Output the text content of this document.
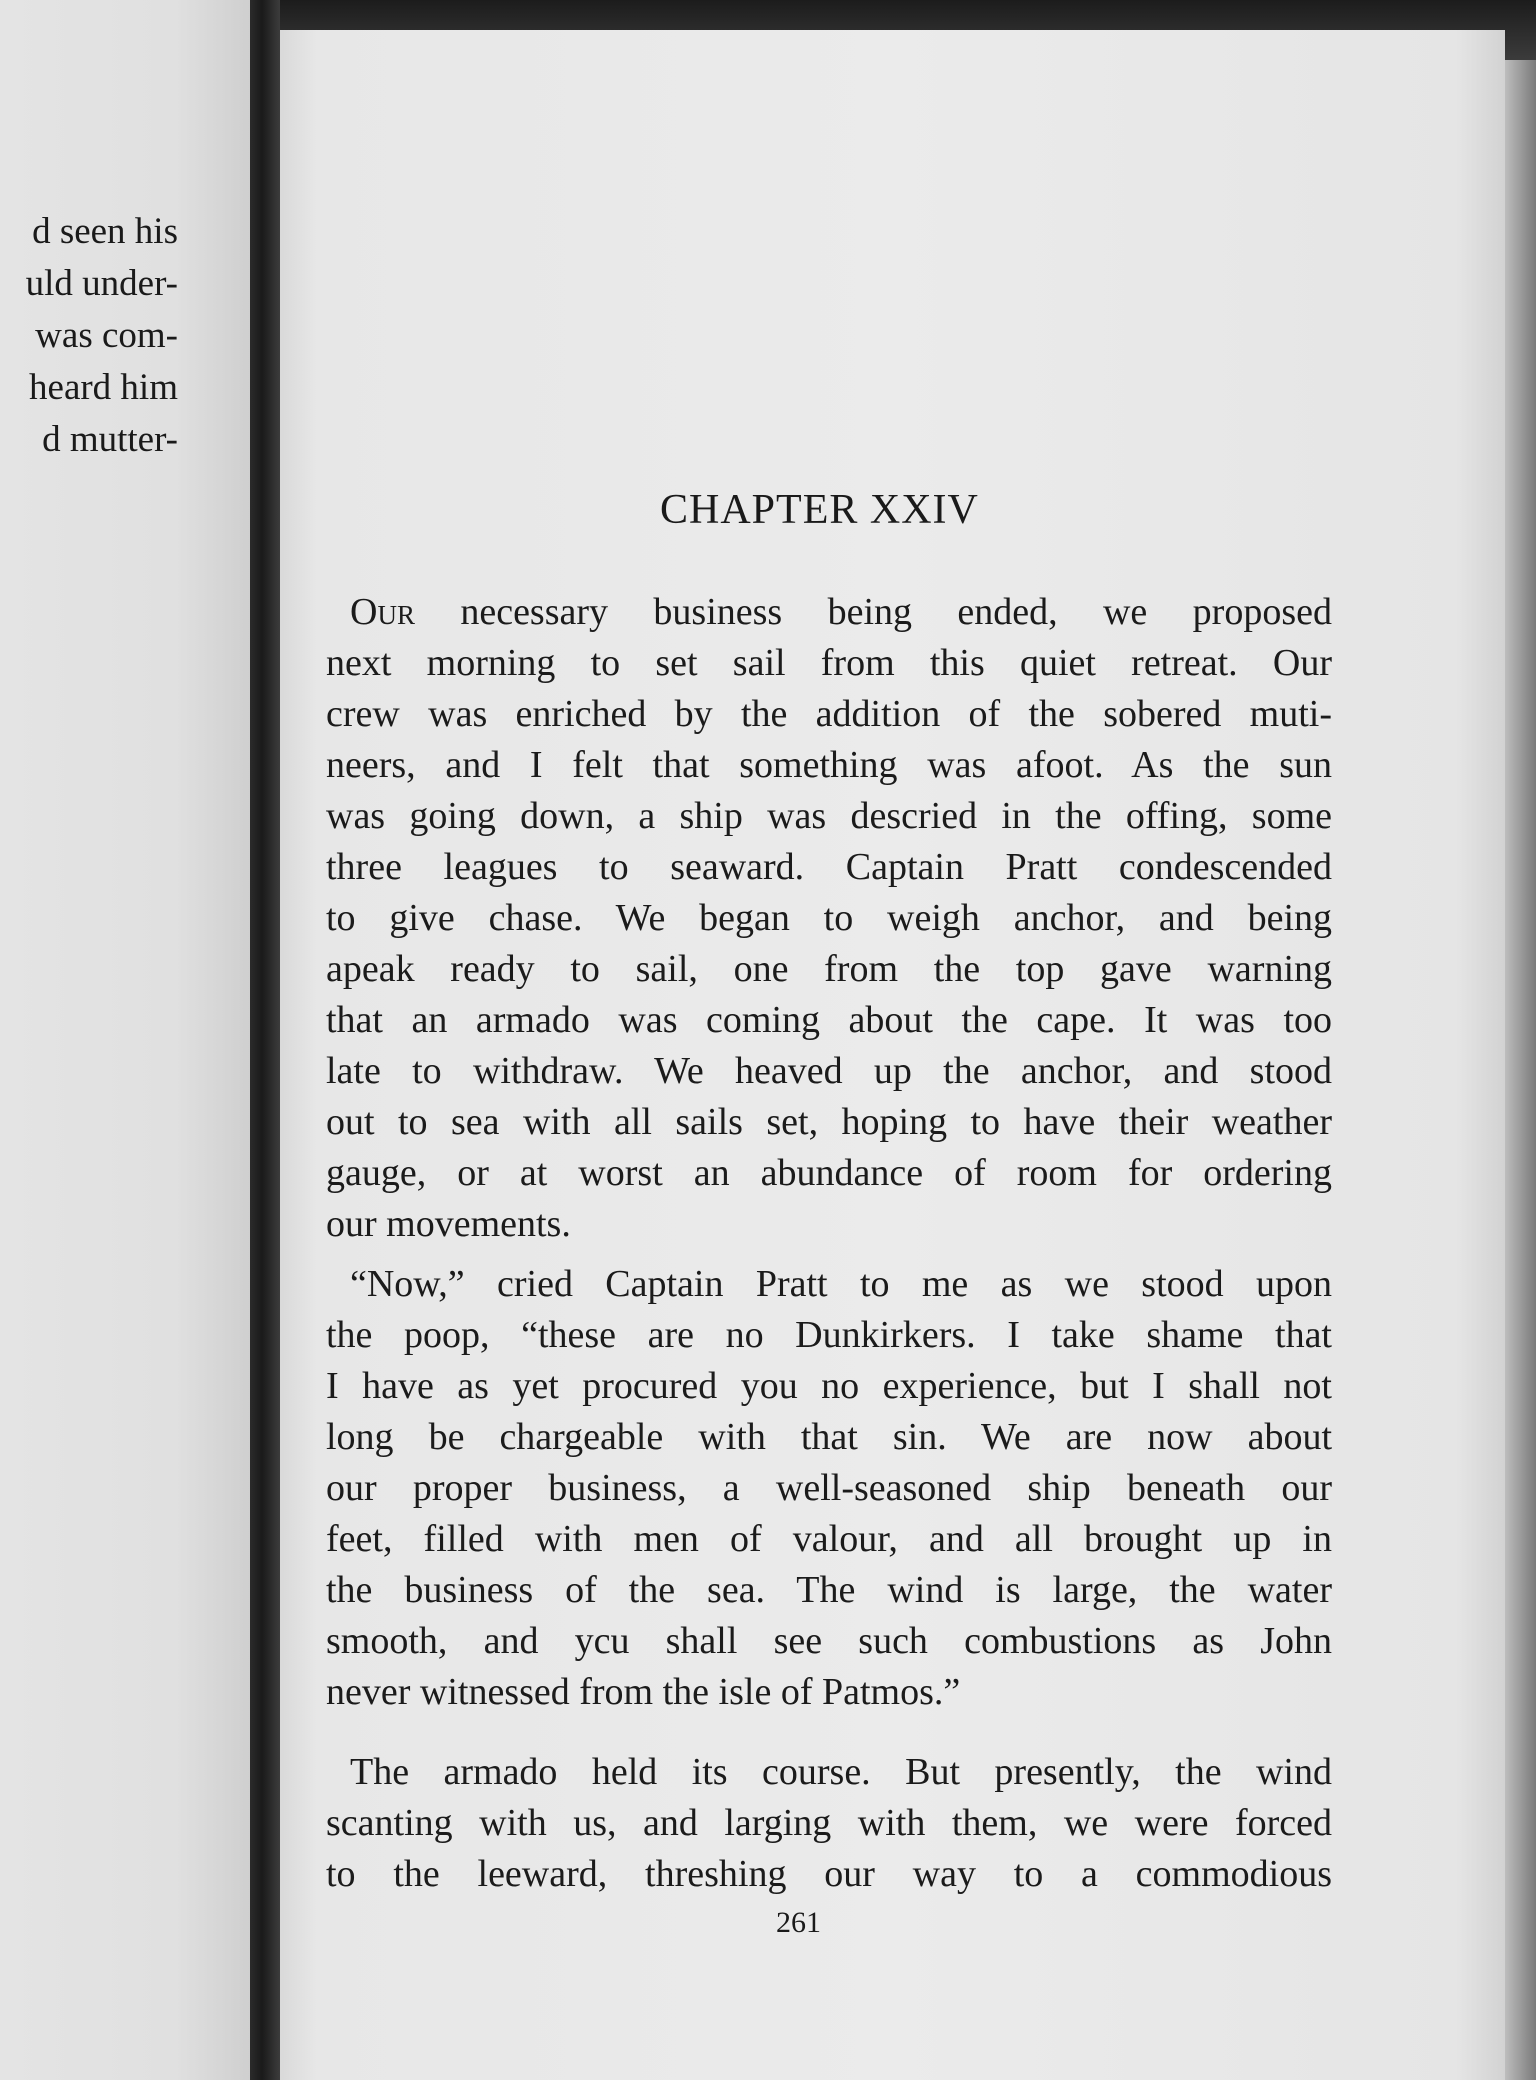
d seen his
uld under-
was com-
heard him
d mutter-
CHAPTER XXIV
Our necessary business being ended, we proposed
next morning to set sail from this quiet retreat. Our
crew was enriched by the addition of the sobered muti-
neers, and I felt that something was afoot. As the sun
was going down, a ship was descried in the offing, some
three leagues to seaward. Captain Pratt condescended
to give chase. We began to weigh anchor, and being
apeak ready to sail, one from the top gave warning
that an armado was coming about the cape. It was too
late to withdraw. We heaved up the anchor, and stood
out to sea with all sails set, hoping to have their weather
gauge, or at worst an abundance of room for ordering
our movements.
“Now,” cried Captain Pratt to me as we stood upon
the poop, “these are no Dunkirkers. I take shame that
I have as yet procured you no experience, but I shall not
long be chargeable with that sin. We are now about
our proper business, a well-seasoned ship beneath our
feet, filled with men of valour, and all brought up in
the business of the sea. The wind is large, the water
smooth, and ycu shall see such combustions as John
never witnessed from the isle of Patmos.”
The armado held its course. But presently, the wind
scanting with us, and larging with them, we were forced
to the leeward, threshing our way to a commodious
261
